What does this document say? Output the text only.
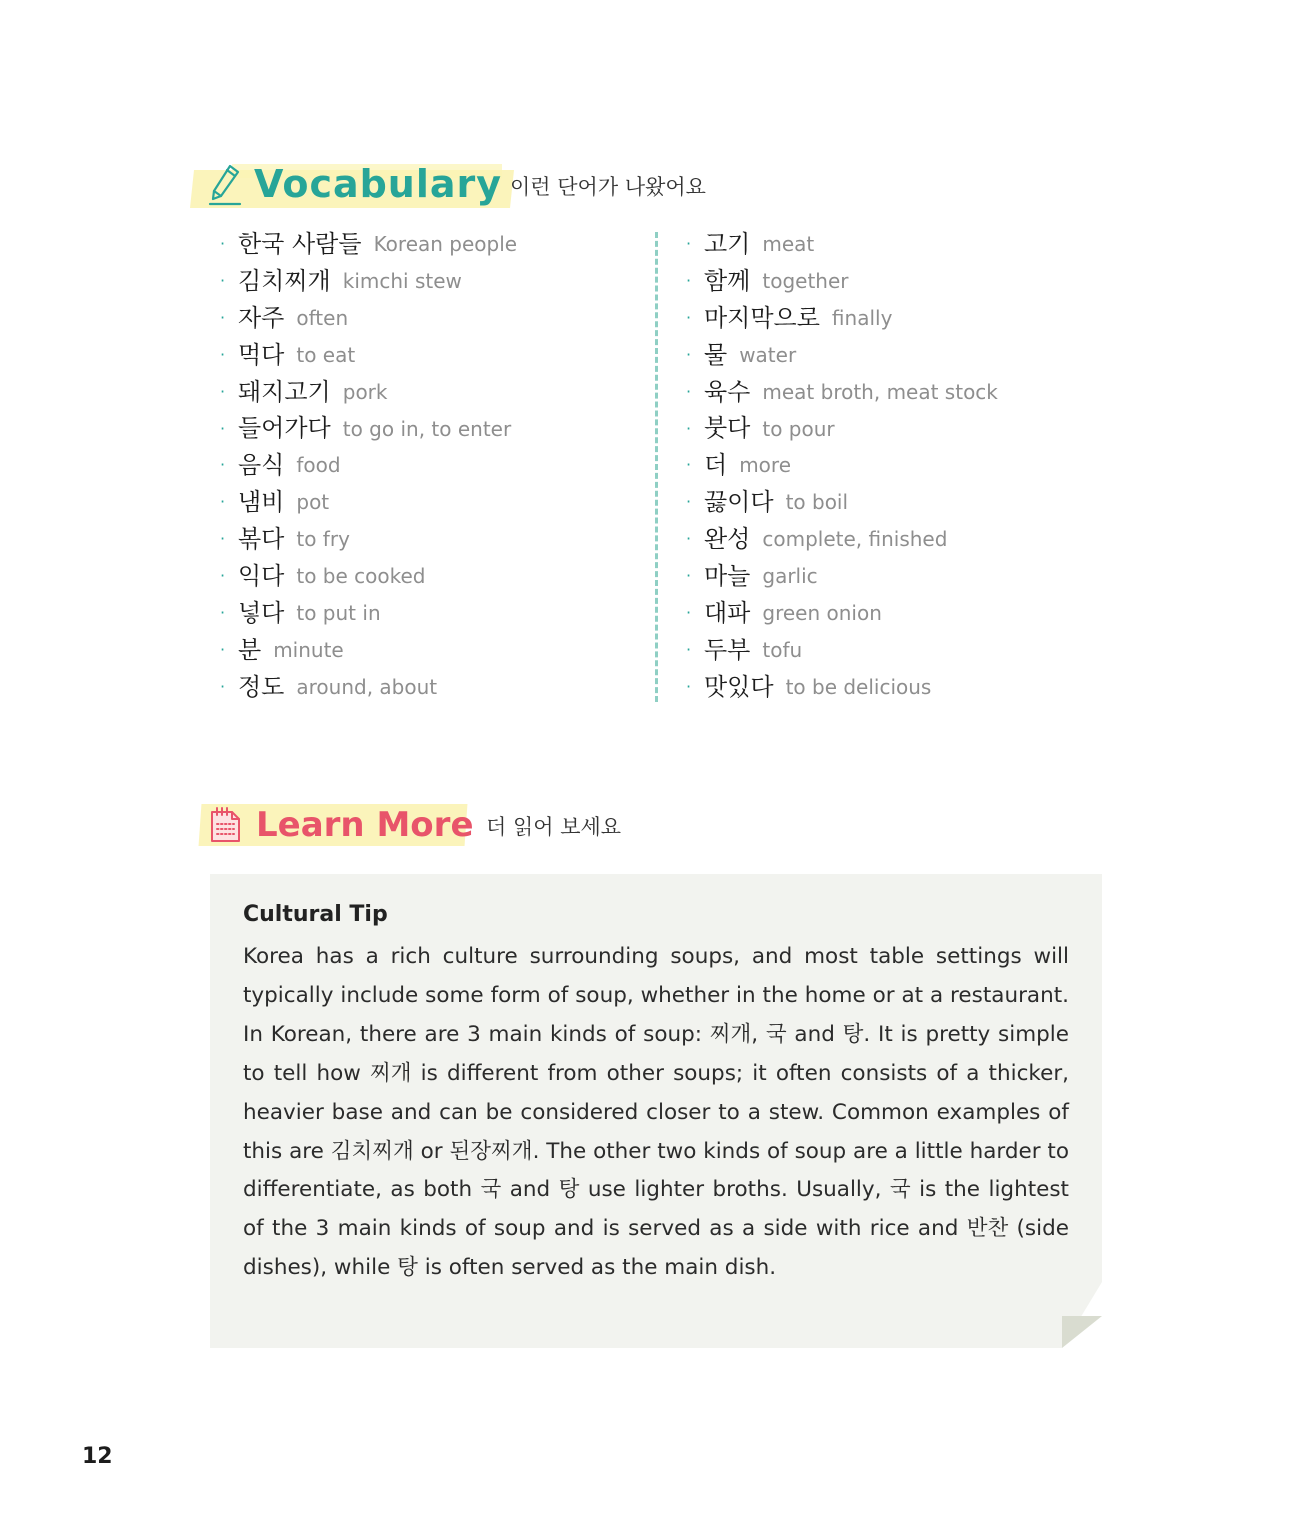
Vocabulary 이런 단어가 나왔어요
· 한국 사람들 Korean people
· 김치찌개 kimchi stew
· 자주 often
· 먹다 to eat
· 돼지고기 pork
· 들어가다 to go in, to enter
· 음식 food
· 냄비 pot
· 볶다 to fry
· 익다 to be cooked
· 넣다 to put in
· 분 minute
· 정도 around, about
· 고기 meat
· 함께 together
· 마지막으로 finally
· 물 water
· 육수 meat broth, meat stock
· 붓다 to pour
· 더 more
· 끓이다 to boil
· 완성 complete, finished
· 마늘 garlic
· 대파 green onion
· 두부 tofu
· 맛있다 to be delicious
Learn More 더 읽어 보세요
Cultural Tip

Korea has a rich culture surrounding soups, and most table settings will typically include some form of soup, whether in the home or at a restaurant. In Korean, there are 3 main kinds of soup: 찌개, 국 and 탕. It is pretty simple to tell how 찌개 is different from other soups; it often consists of a thicker, heavier base and can be considered closer to a stew. Common examples of this are 김치찌개 or 된장찌개. The other two kinds of soup are a little harder to differentiate, as both 국 and 탕 use lighter broths. Usually, 국 is the lightest of the 3 main kinds of soup and is served as a side with rice and 반찬 (side dishes), while 탕 is often served as the main dish.

12
